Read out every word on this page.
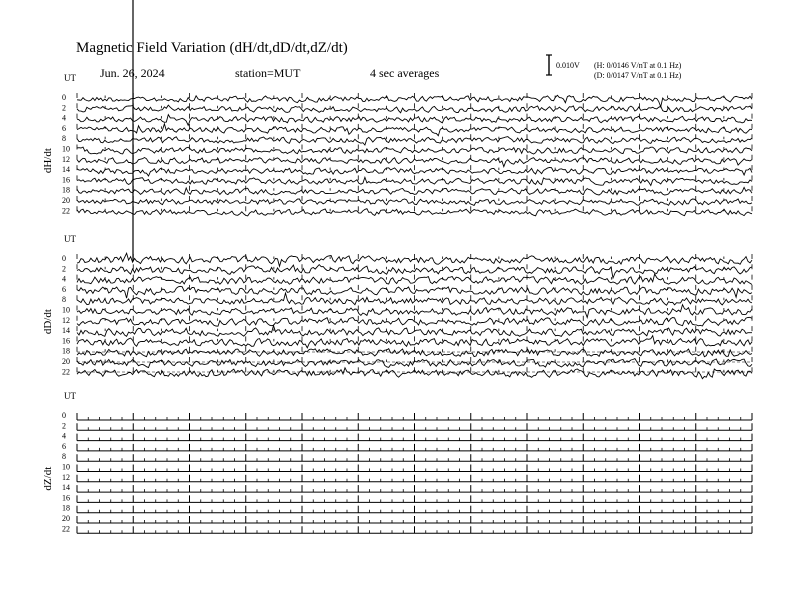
Magnetic Field Variation (dH/dt,dD/dt,dZ/dt)
Jun. 26, 2024	station=MUT	4 sec averages
0.010V (H: 0/0146 V/nT at 0.1 Hz)
(D: 0/0147 V/nT at 0.1 Hz)
UT
dH/dt
0
2
4
6
8
10
12
14
16
18
20
22
UT
dD/dt
0
2
4
6
8
10
12
14
16
18
20
22
UT
dZ/dt
0
2
4
6
8
10
12
14
16
18
20
22
